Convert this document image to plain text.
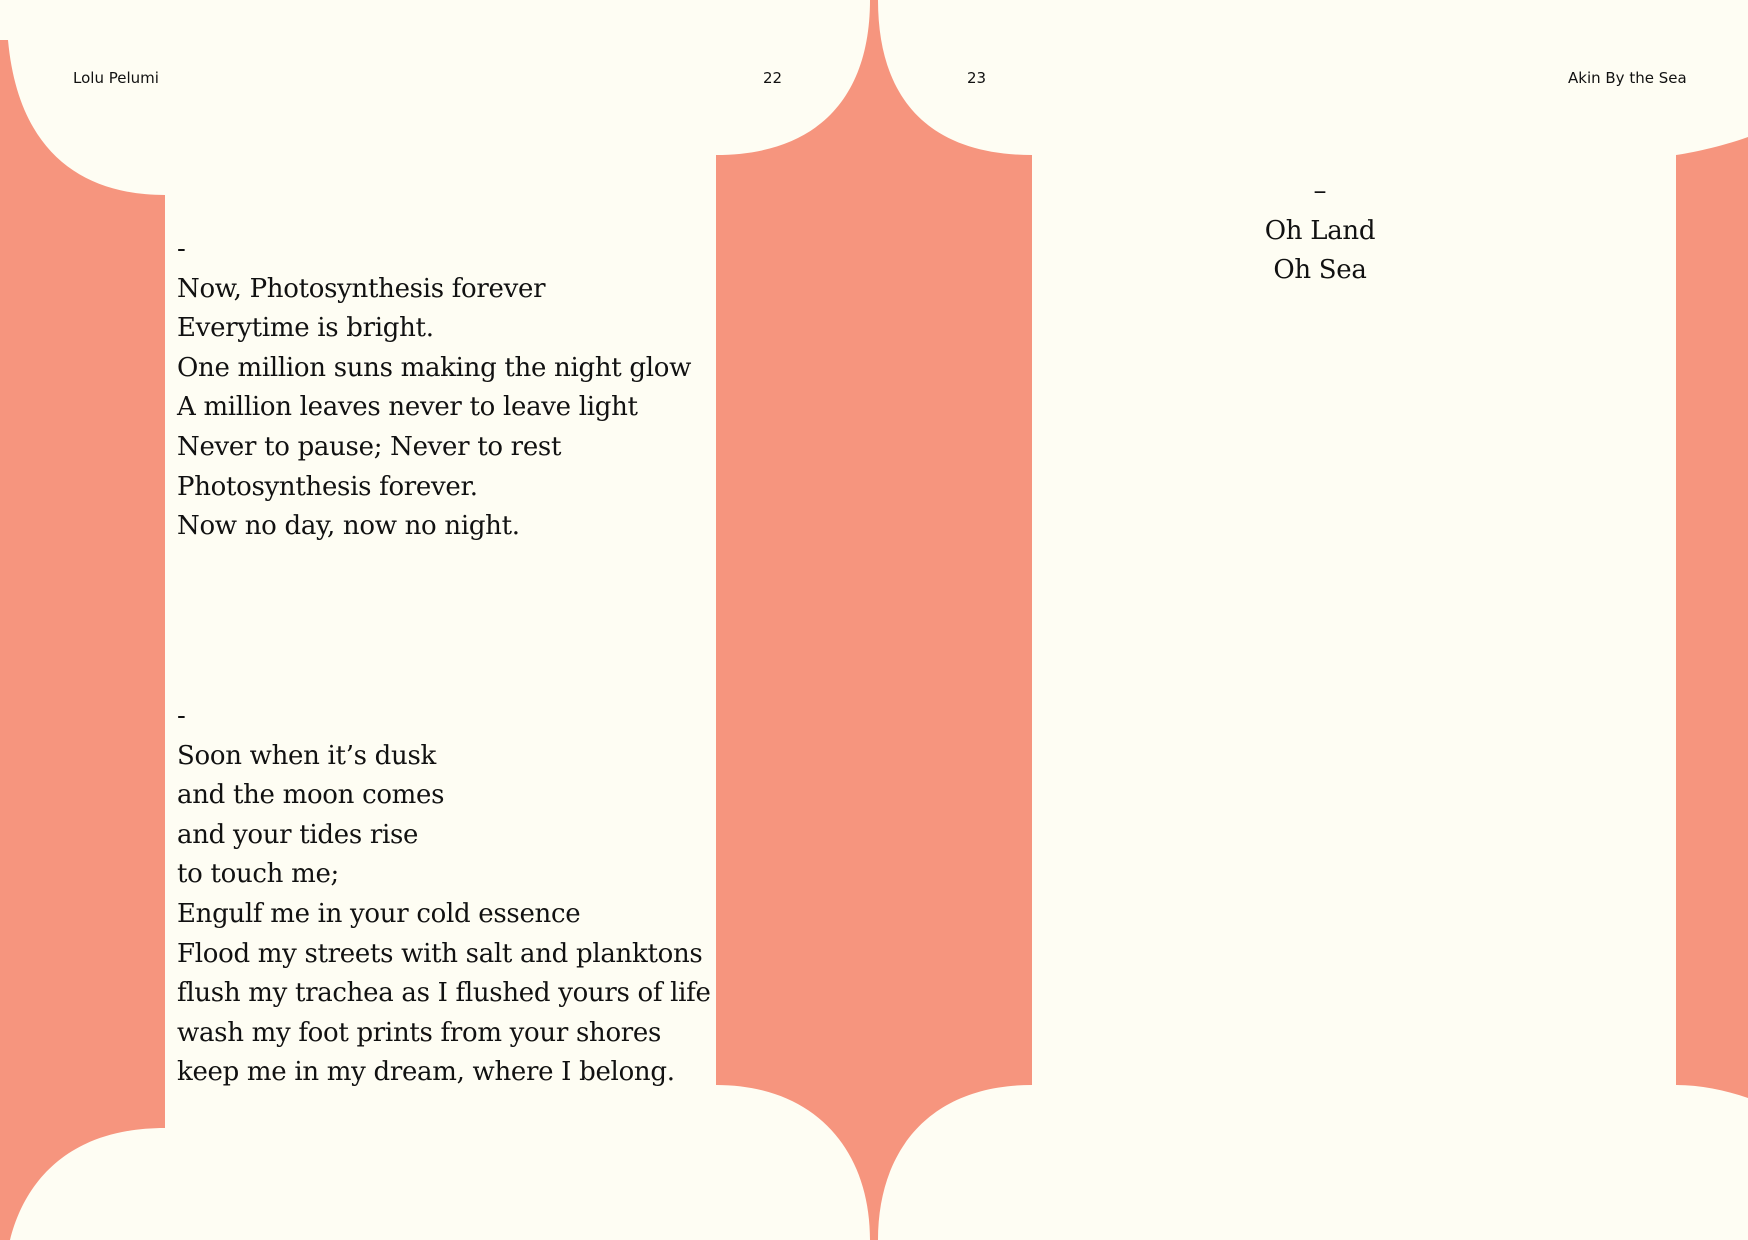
Lolu Pelumi	22	23	Akin By the Sea
-
Now, Photosynthesis forever
Everytime is bright.
One million suns making the night glow
A million leaves never to leave light
Never to pause; Never to rest
Photosynthesis forever.
Now no day, now no night.
-
Soon when it’s dusk
and the moon comes
and your tides rise
to touch me;
Engulf me in your cold essence
Flood my streets with salt and planktons
flush my trachea as I flushed yours of life
wash my foot prints from your shores
keep me in my dream, where I belong.
–
Oh Land
Oh Sea
